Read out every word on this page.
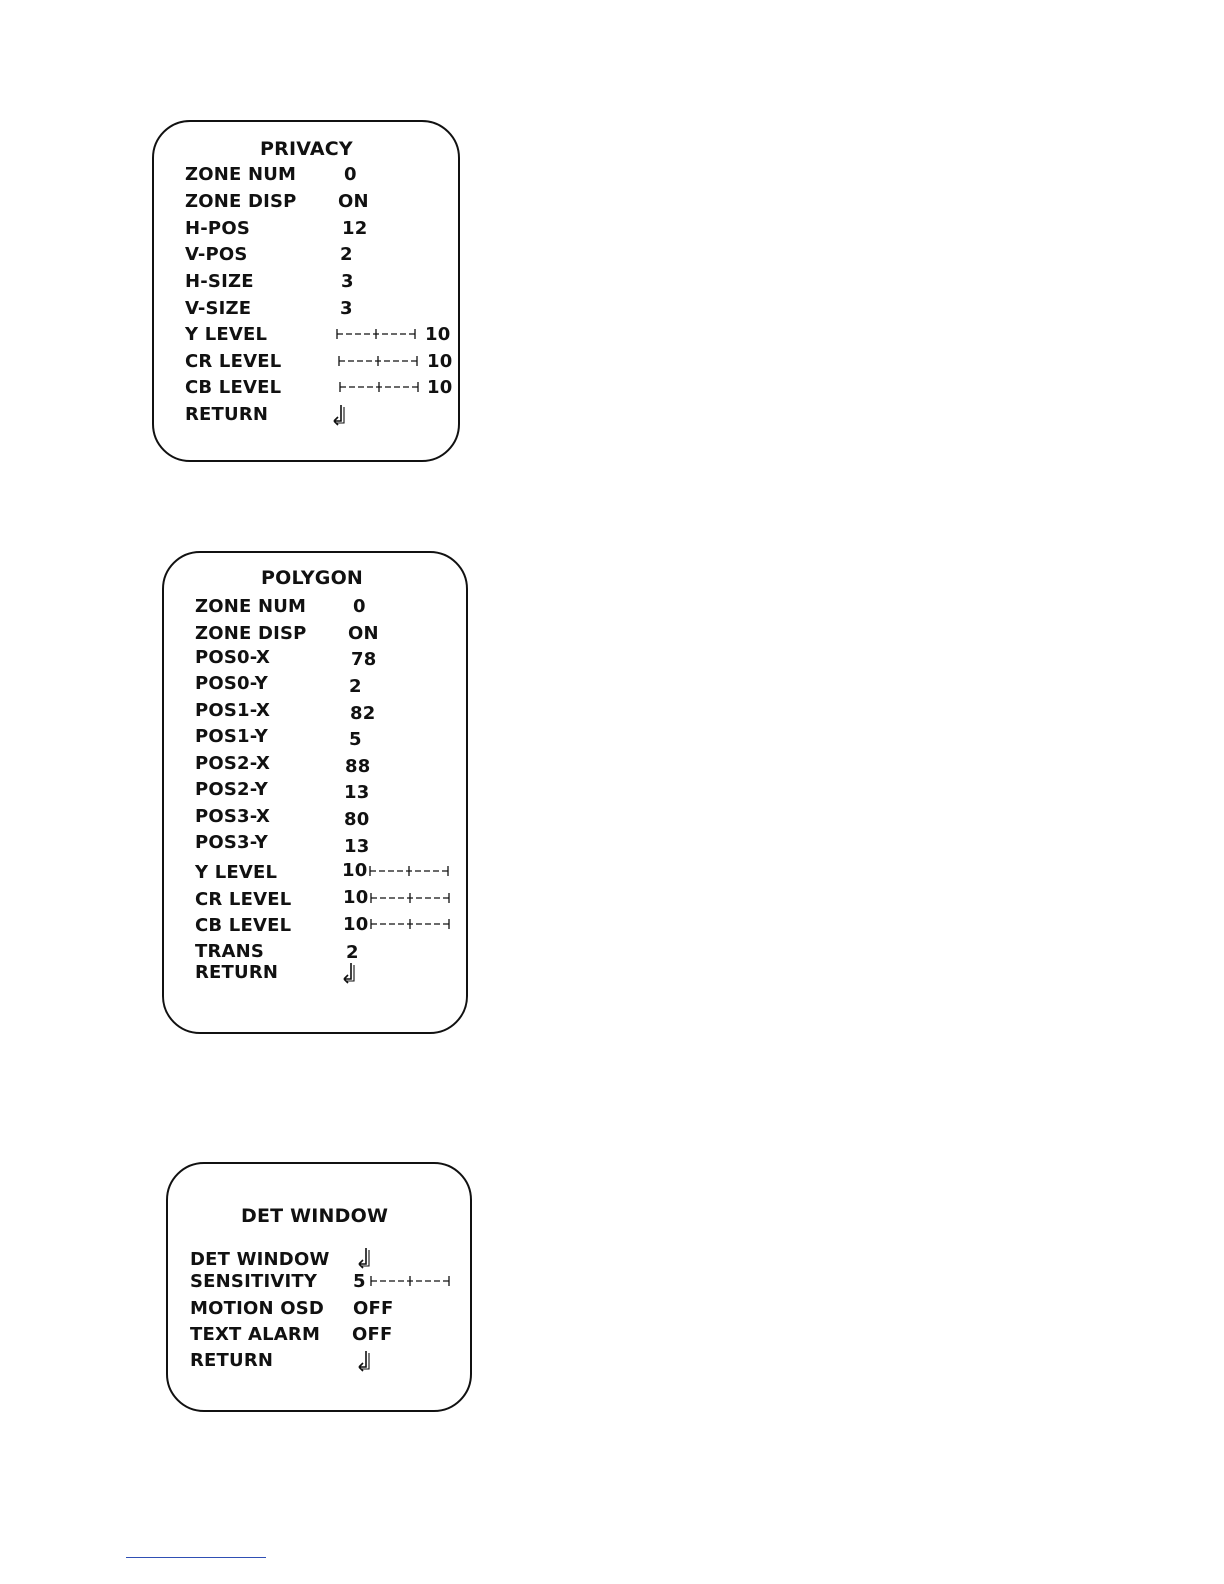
PRIVACY
ZONE NUM	0
ZONE DISP ON
H-POS	12
V-POS	2
H-SIZE	3
V-SIZE	3
Y LEVEL	10
CR LEVEL	10
CB LEVEL	10
RETURN
POLYGON
ZONE NUM	0
ZONE DISP ON
POS0-X	78
POS0-Y	2
POS1-X	82
POS1-Y	5
POS2-X	88
POS2-Y	13
POS3-X	80
POS3-Y	13
Y LEVEL	10
CR LEVEL	10
CB LEVEL	10
TRANS	2
RETURN
DET WINDOW
DET WINDOW
SENSITIVITY 5
MOTION OSD OFF
TEXT ALARM OFF
RETURN
